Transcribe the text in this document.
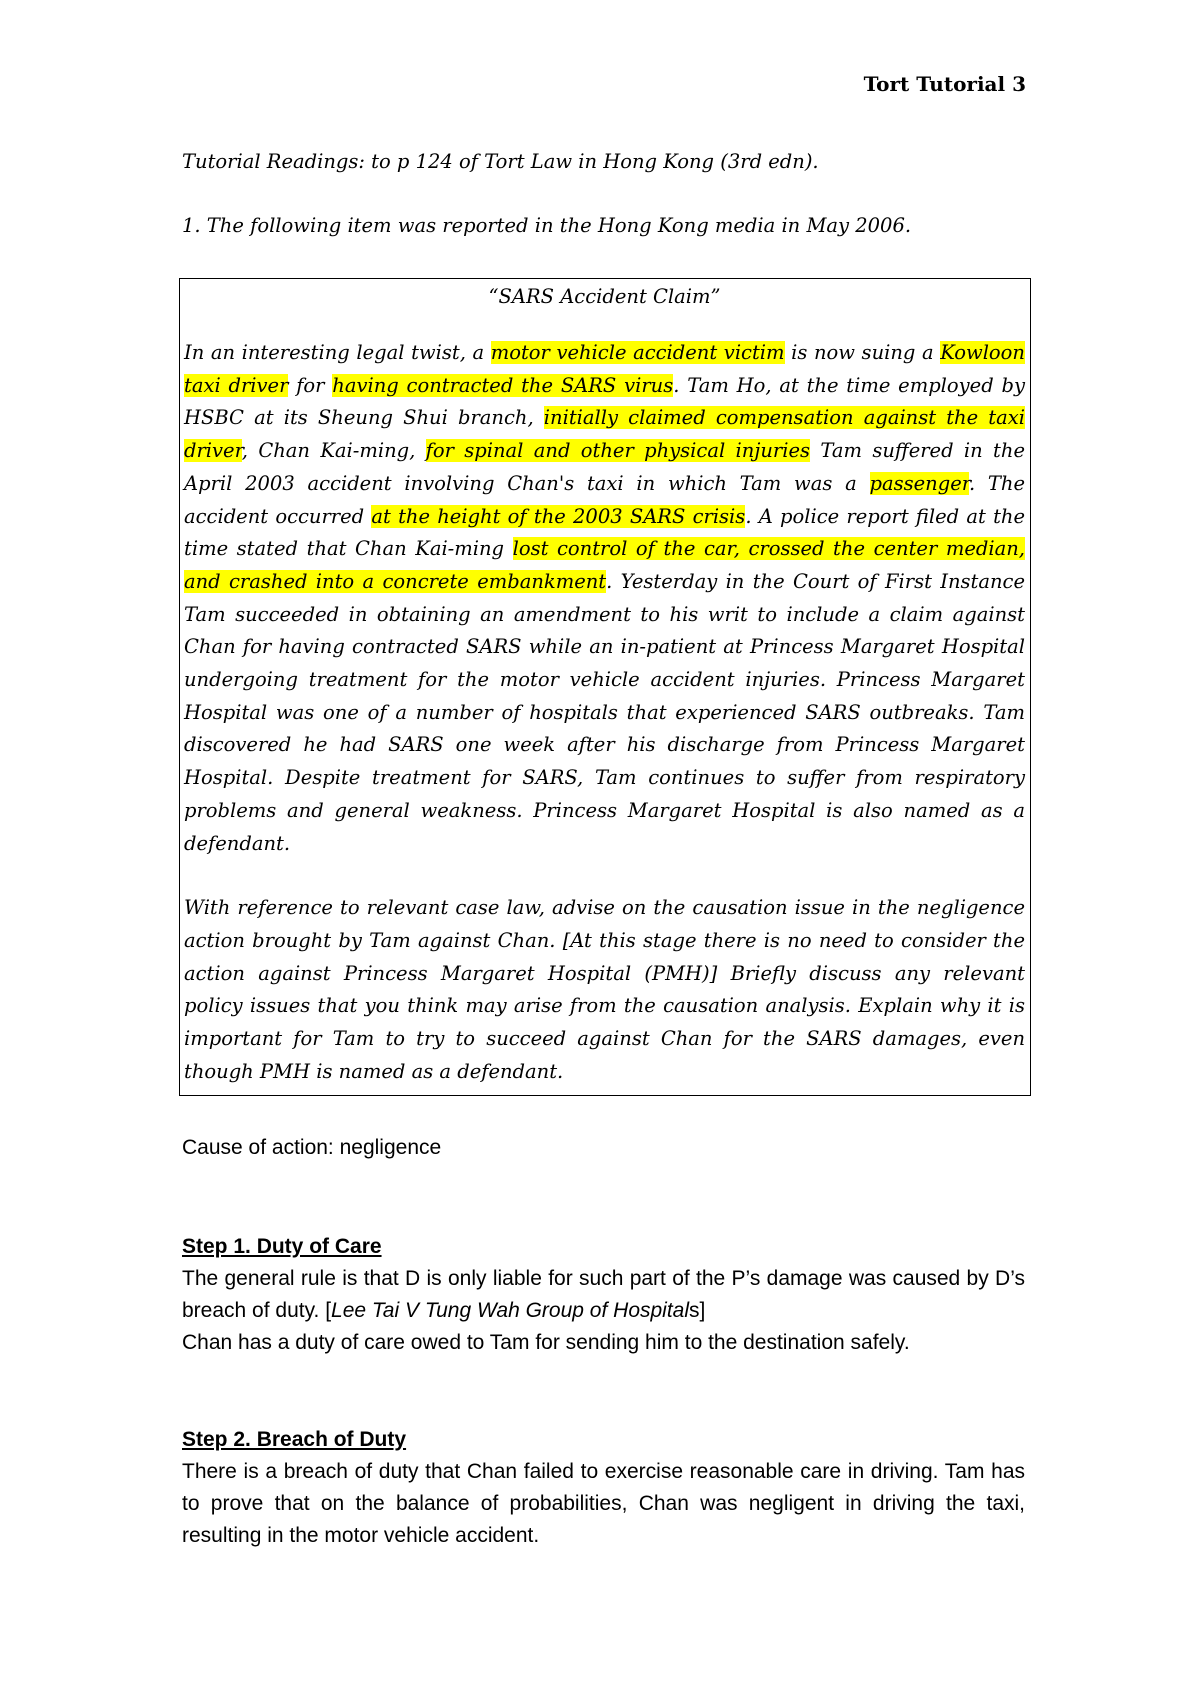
Tort Tutorial 3
Tutorial Readings: to p 124 of Tort Law in Hong Kong (3rd edn).
1. The following item was reported in the Hong Kong media in May 2006.
“SARS Accident Claim”

In an interesting legal twist, a motor vehicle accident victim is now suing a Kowloon taxi driver for having contracted the SARS virus. Tam Ho, at the time employed by HSBC at its Sheung Shui branch, initially claimed compensation against the taxi driver, Chan Kai-ming, for spinal and other physical injuries Tam suffered in the April 2003 accident involving Chan's taxi in which Tam was a passenger. The accident occurred at the height of the 2003 SARS crisis. A police report filed at the time stated that Chan Kai-ming lost control of the car, crossed the center median, and crashed into a concrete embankment. Yesterday in the Court of First Instance Tam succeeded in obtaining an amendment to his writ to include a claim against Chan for having contracted SARS while an in-patient at Princess Margaret Hospital undergoing treatment for the motor vehicle accident injuries. Princess Margaret Hospital was one of a number of hospitals that experienced SARS outbreaks. Tam discovered he had SARS one week after his discharge from Princess Margaret Hospital. Despite treatment for SARS, Tam continues to suffer from respiratory problems and general weakness. Princess Margaret Hospital is also named as a defendant.

With reference to relevant case law, advise on the causation issue in the negligence action brought by Tam against Chan. [At this stage there is no need to consider the action against Princess Margaret Hospital (PMH)] Briefly discuss any relevant policy issues that you think may arise from the causation analysis. Explain why it is important for Tam to try to succeed against Chan for the SARS damages, even though PMH is named as a defendant.

Cause of action: negligence
Step 1. Duty of Care

The general rule is that D is only liable for such part of the P’s damage was caused by D’s breach of duty. [Lee Tai V Tung Wah Group of Hospitals]

Chan has a duty of care owed to Tam for sending him to the destination safely.

Step 2. Breach of Duty

There is a breach of duty that Chan failed to exercise reasonable care in driving. Tam has to prove that on the balance of probabilities, Chan was negligent in driving the taxi, resulting in the motor vehicle accident.
